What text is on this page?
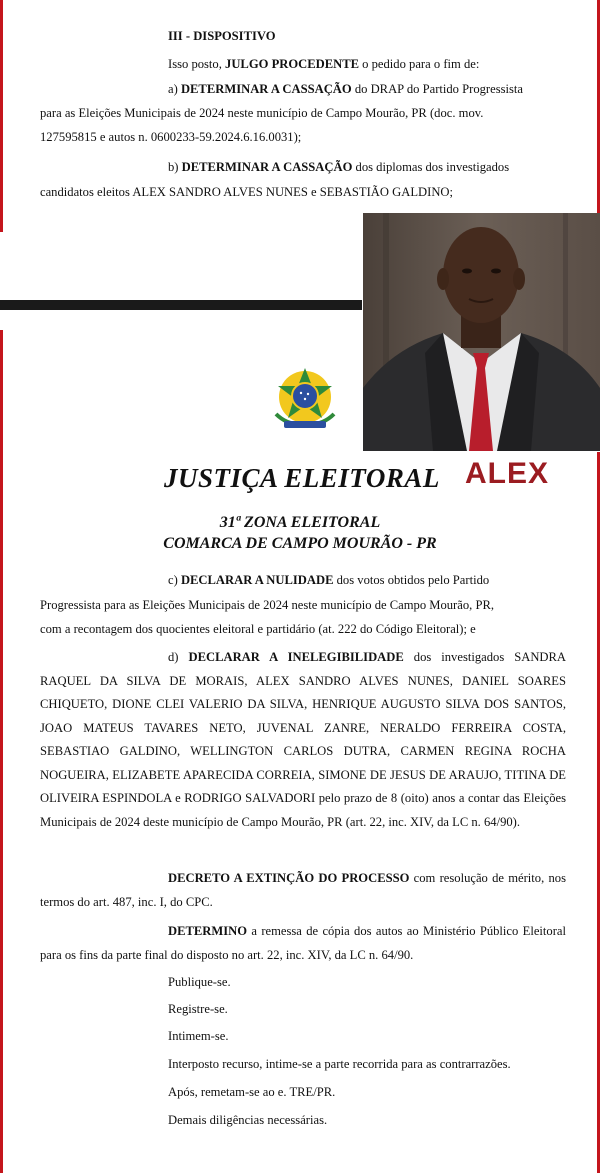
III - DISPOSITIVO
Isso posto, JULGO PROCEDENTE o pedido para o fim de:
a) DETERMINAR A CASSAÇÃO do DRAP do Partido Progressista
para as Eleições Municipais de 2024 neste município de Campo Mourão, PR (doc. mov.
127595815 e autos n. 0600233-59.2024.6.16.0031);
b) DETERMINAR A CASSAÇÃO dos diplomas dos investigados
candidatos eleitos ALEX SANDRO ALVES NUNES e SEBASTIÃO GALDINO;
JUSTIÇA ELEITORAL ALEX
31ª ZONA ELEITORAL
COMARCA DE CAMPO MOURÃO - PR
c) DECLARAR A NULIDADE dos votos obtidos pelo Partido
Progressista para as Eleições Municipais de 2024 neste município de Campo Mourão, PR,
com a recontagem dos quocientes eleitoral e partidário (at. 222 do Código Eleitoral); e
d) DECLARAR A INELEGIBILIDADE dos investigados SANDRA RAQUEL DA SILVA DE MORAIS, ALEX SANDRO ALVES NUNES, DANIEL SOARES CHIQUETO, DIONE CLEI VALERIO DA SILVA, HENRIQUE AUGUSTO SILVA DOS SANTOS, JOAO MATEUS TAVARES NETO, JUVENAL ZANRE, NERALDO FERREIRA COSTA, SEBASTIAO GALDINO, WELLINGTON CARLOS DUTRA, CARMEN REGINA ROCHA NOGUEIRA, ELIZABETE APARECIDA CORREIA, SIMONE DE JESUS DE ARAUJO, TITINA DE OLIVEIRA ESPINDOLA e RODRIGO SALVADORI pelo prazo de 8 (oito) anos a contar das Eleições Municipais de 2024 deste município de Campo Mourão, PR (art. 22, inc. XIV, da LC n. 64/90).
DECRETO A EXTINÇÃO DO PROCESSO com resolução de mérito, nos termos do art. 487, inc. I, do CPC.
DETERMINO a remessa de cópia dos autos ao Ministério Público Eleitoral para os fins da parte final do disposto no art. 22, inc. XIV, da LC n. 64/90.
Publique-se.
Registre-se.
Intimem-se.
Interposto recurso, intime-se a parte recorrida para as contrarrazões.
Após, remetam-se ao e. TRE/PR.
Demais diligências necessárias.
